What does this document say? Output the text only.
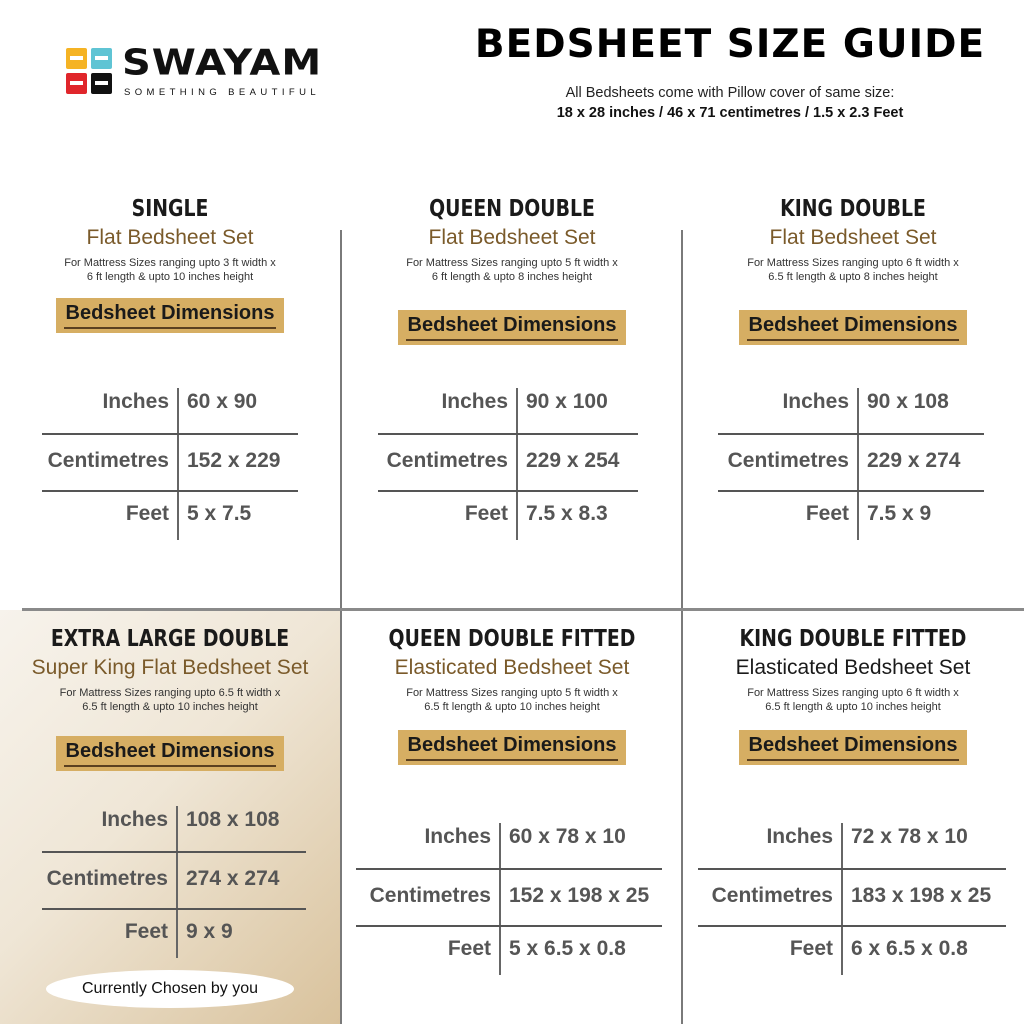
SWAYAM
SOMETHING BEAUTIFUL
BEDSHEET SIZE GUIDE
All Bedsheets come with Pillow cover of same size:
18 x 28 inches / 46 x 71 centimetres / 1.5 x 2.3 Feet
SINGLE
Flat Bedsheet Set
For Mattress Sizes ranging upto 3 ft width x
6 ft length & upto 10 inches height
Bedsheet Dimensions
Inches 60 x 90
Centimetres 152 x 229
Feet 5 x 7.5
QUEEN DOUBLE
Flat Bedsheet Set
For Mattress Sizes ranging upto 5 ft width x
6 ft length & upto 8 inches height
Bedsheet Dimensions
Inches 90 x 100
Centimetres 229 x 254
Feet 7.5 x 8.3
KING DOUBLE
Flat Bedsheet Set
For Mattress Sizes ranging upto 6 ft width x
6.5 ft length & upto 8 inches height
Bedsheet Dimensions
Inches 90 x 108
Centimetres 229 x 274
Feet 7.5 x 9
EXTRA LARGE DOUBLE
Super King Flat Bedsheet Set
For Mattress Sizes ranging upto 6.5 ft width x
6.5 ft length & upto 10 inches height
Bedsheet Dimensions
Inches 108 x 108
Centimetres 274 x 274
Feet 9 x 9
Currently Chosen by you
QUEEN DOUBLE FITTED
Elasticated Bedsheet Set
For Mattress Sizes ranging upto 5 ft width x
6.5 ft length & upto 10 inches height
Bedsheet Dimensions
Inches 60 x 78 x 10
Centimetres 152 x 198 x 25
Feet 5 x 6.5 x 0.8
KING DOUBLE FITTED
Elasticated Bedsheet Set
For Mattress Sizes ranging upto 6 ft width x
6.5 ft length & upto 10 inches height
Bedsheet Dimensions
Inches 72 x 78 x 10
Centimetres 183 x 198 x 25
Feet 6 x 6.5 x 0.8
